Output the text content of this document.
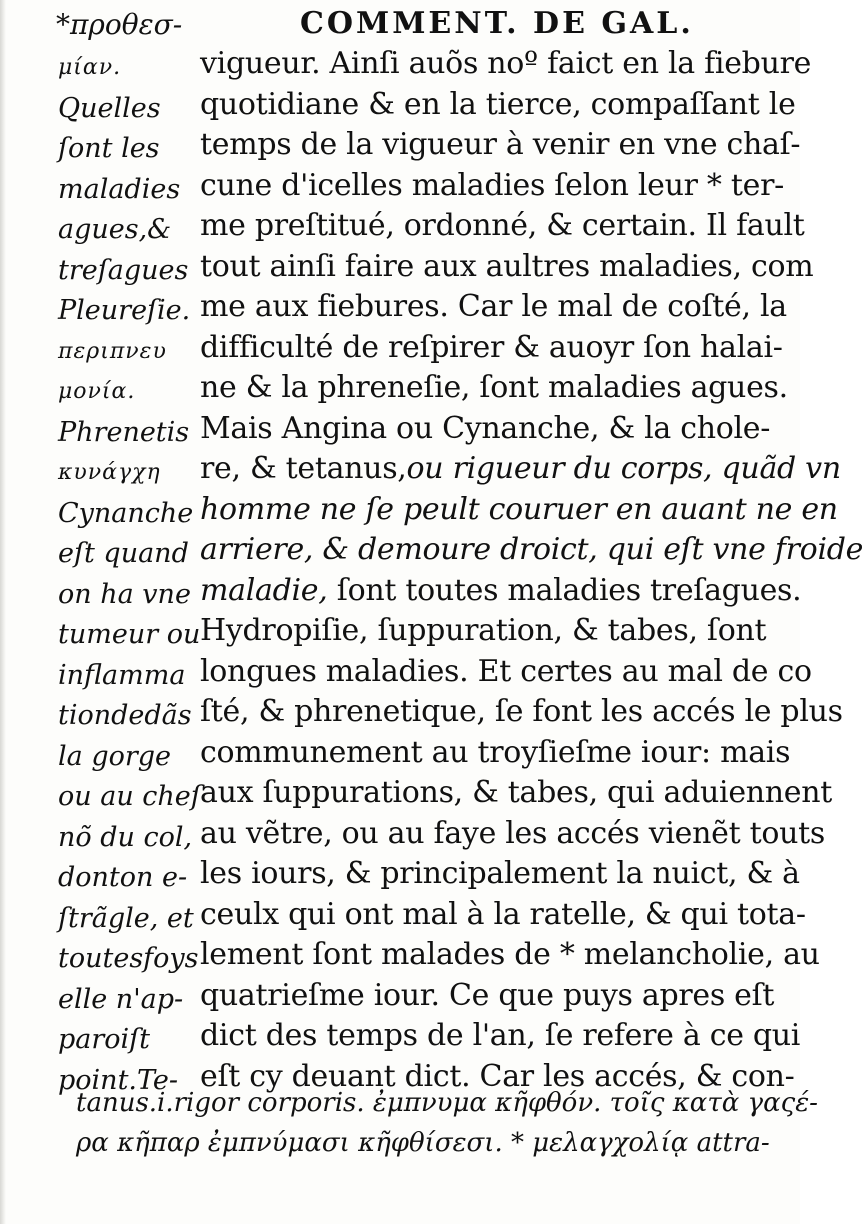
*προθεσ-	COMMENT. DE GAL.
μίαν.
Quelles
ſont les
maladies
agues,&
treſagues
Pleureſie.
περιπνευ
μονία.
Phrenetis
κυνάγχη
Cynanche
eſt quand
on ha vne
tumeur ou
inflamma
tiondedãs
la gorge
ou au cheſ
nõ du col,
donton e-
ſtrãgle, et
toutesfoys
elle n'ap-
paroiſt
point.Te-
vigueur. Ainſi auõs noº faict en la fiebure
quotidiane & en la tierce, compaſſant le
temps de la vigueur à venir en vne chaſ-
cune d'icelles maladies ſelon leur * ter-
me preſtitué, ordonné, & certain. Il fault
tout ainſi faire aux aultres maladies, com
me aux fiebures. Car le mal de coſté, la
difficulté de reſpirer & auoyr ſon halai-
ne & la phreneſie, ſont maladies agues.
Mais Angina ou Cynanche, & la chole-
re, & tetanus,ou rigueur du corps, quãd vn
homme ne ſe peult couruer en auant ne en
arriere, & demoure droict, qui eſt vne froide
maladie, ſont toutes maladies treſagues.
Hydropiſie, ſuppuration, & tabes, ſont
longues maladies. Et certes au mal de co
ſté, & phrenetique, ſe font les accés le plus
communement au troyſieſme iour: mais
aux ſuppurations, & tabes, qui aduiennent
au vẽtre, ou au faye les accés vienẽt touts
les iours, & principalement la nuict, & à
ceulx qui ont mal à la ratelle, & qui tota-
lement ſont malades de * melancholie, au
quatrieſme iour. Ce que puys apres eſt
dict des temps de l'an, ſe refere à ce qui
eſt cy deuant dict. Car les accés, & con-
tanus.i.rigor corporis. ἐμπνυμα κῆφθόν. τοῖς κατὰ γαςέ-
ρα κῆπαρ ἐμπνύμασι κῆφθίσεσι. * μελαγχολίᾳ attra-
